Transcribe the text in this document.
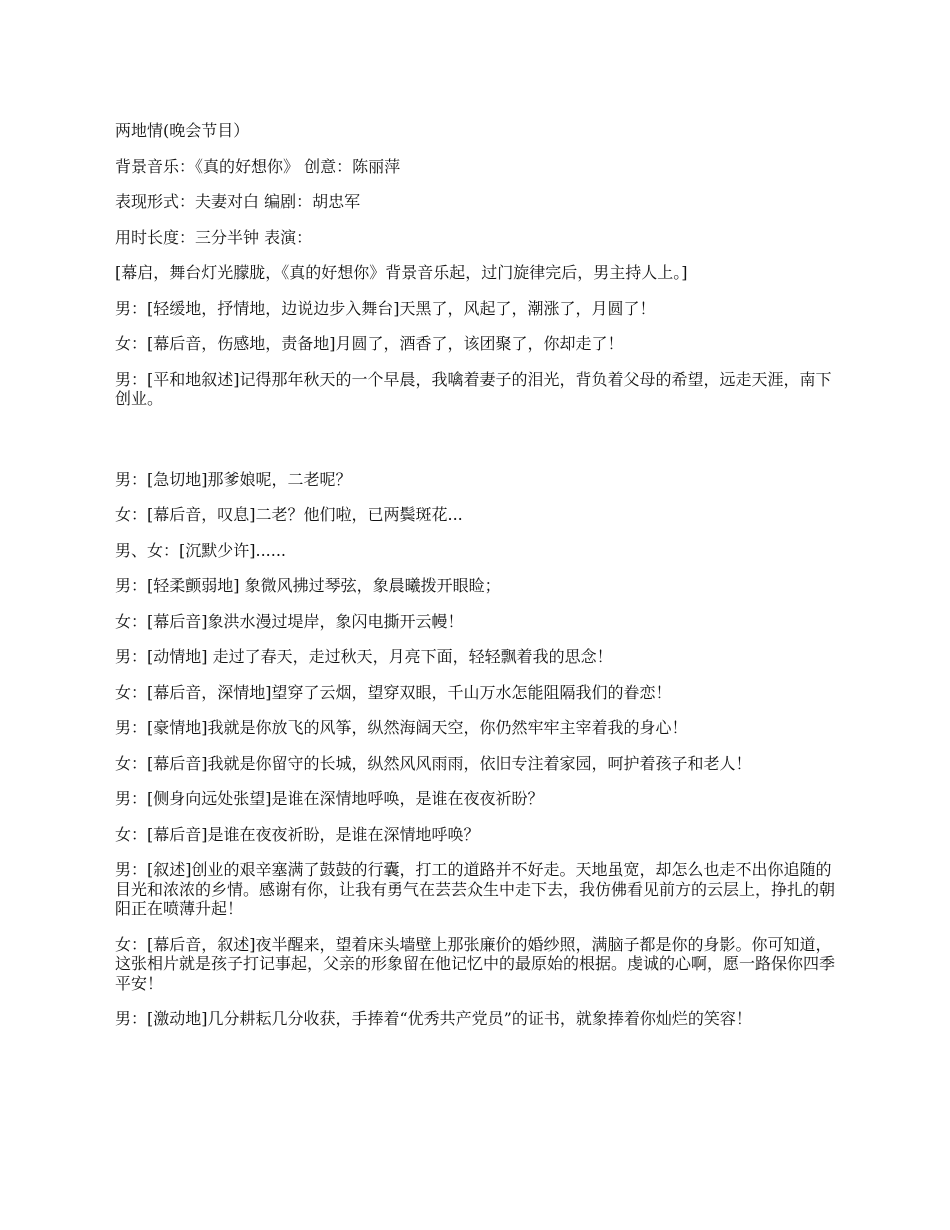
两地情(晚会节目）

背景音乐：《真的好想你》 创意：陈丽萍

表现形式：夫妻对白 编剧：胡忠军

用时长度：三分半钟 表演：

[幕启，舞台灯光朦胧，《真的好想你》背景音乐起，过门旋律完后，男主持人上。]

男：[轻缓地，抒情地，边说边步入舞台]天黑了，风起了，潮涨了，月圆了！

女：[幕后音，伤感地，责备地]月圆了，酒香了，该团聚了，你却走了！

男：[平和地叙述]记得那年秋天的一个早晨，我噙着妻子的泪光，背负着父母的希望，远走天涯，南下创业。

男：[急切地]那爹娘呢，二老呢？

女：[幕后音，叹息]二老？他们啦，已两鬓斑花...

男、女：[沉默少许]......

男：[轻柔颤弱地] 象微风拂过琴弦，象晨曦拨开眼睑；

女：[幕后音]象洪水漫过堤岸，象闪电撕开云幔！

男：[动情地] 走过了春天，走过秋天，月亮下面，轻轻飘着我的思念！

女：[幕后音，深情地]望穿了云烟，望穿双眼，千山万水怎能阻隔我们的眷恋！

男：[豪情地]我就是你放飞的风筝，纵然海阔天空，你仍然牢牢主宰着我的身心！

女：[幕后音]我就是你留守的长城，纵然风风雨雨，依旧专注着家园，呵护着孩子和老人！

男：[侧身向远处张望]是谁在深情地呼唤，是谁在夜夜祈盼？

女：[幕后音]是谁在夜夜祈盼，是谁在深情地呼唤？

男：[叙述]创业的艰辛塞满了鼓鼓的行囊，打工的道路并不好走。天地虽宽，却怎么也走不出你追随的目光和浓浓的乡情。感谢有你，让我有勇气在芸芸众生中走下去，我仿佛看见前方的云层上，挣扎的朝阳正在喷薄升起！

女：[幕后音，叙述]夜半醒来，望着床头墙壁上那张廉价的婚纱照，满脑子都是你的身影。你可知道，这张相片就是孩子打记事起，父亲的形象留在他记忆中的最原始的根据。虔诚的心啊，愿一路保你四季平安！

男：[激动地]几分耕耘几分收获，手捧着“优秀共产党员”的证书，就象捧着你灿烂的笑容！
